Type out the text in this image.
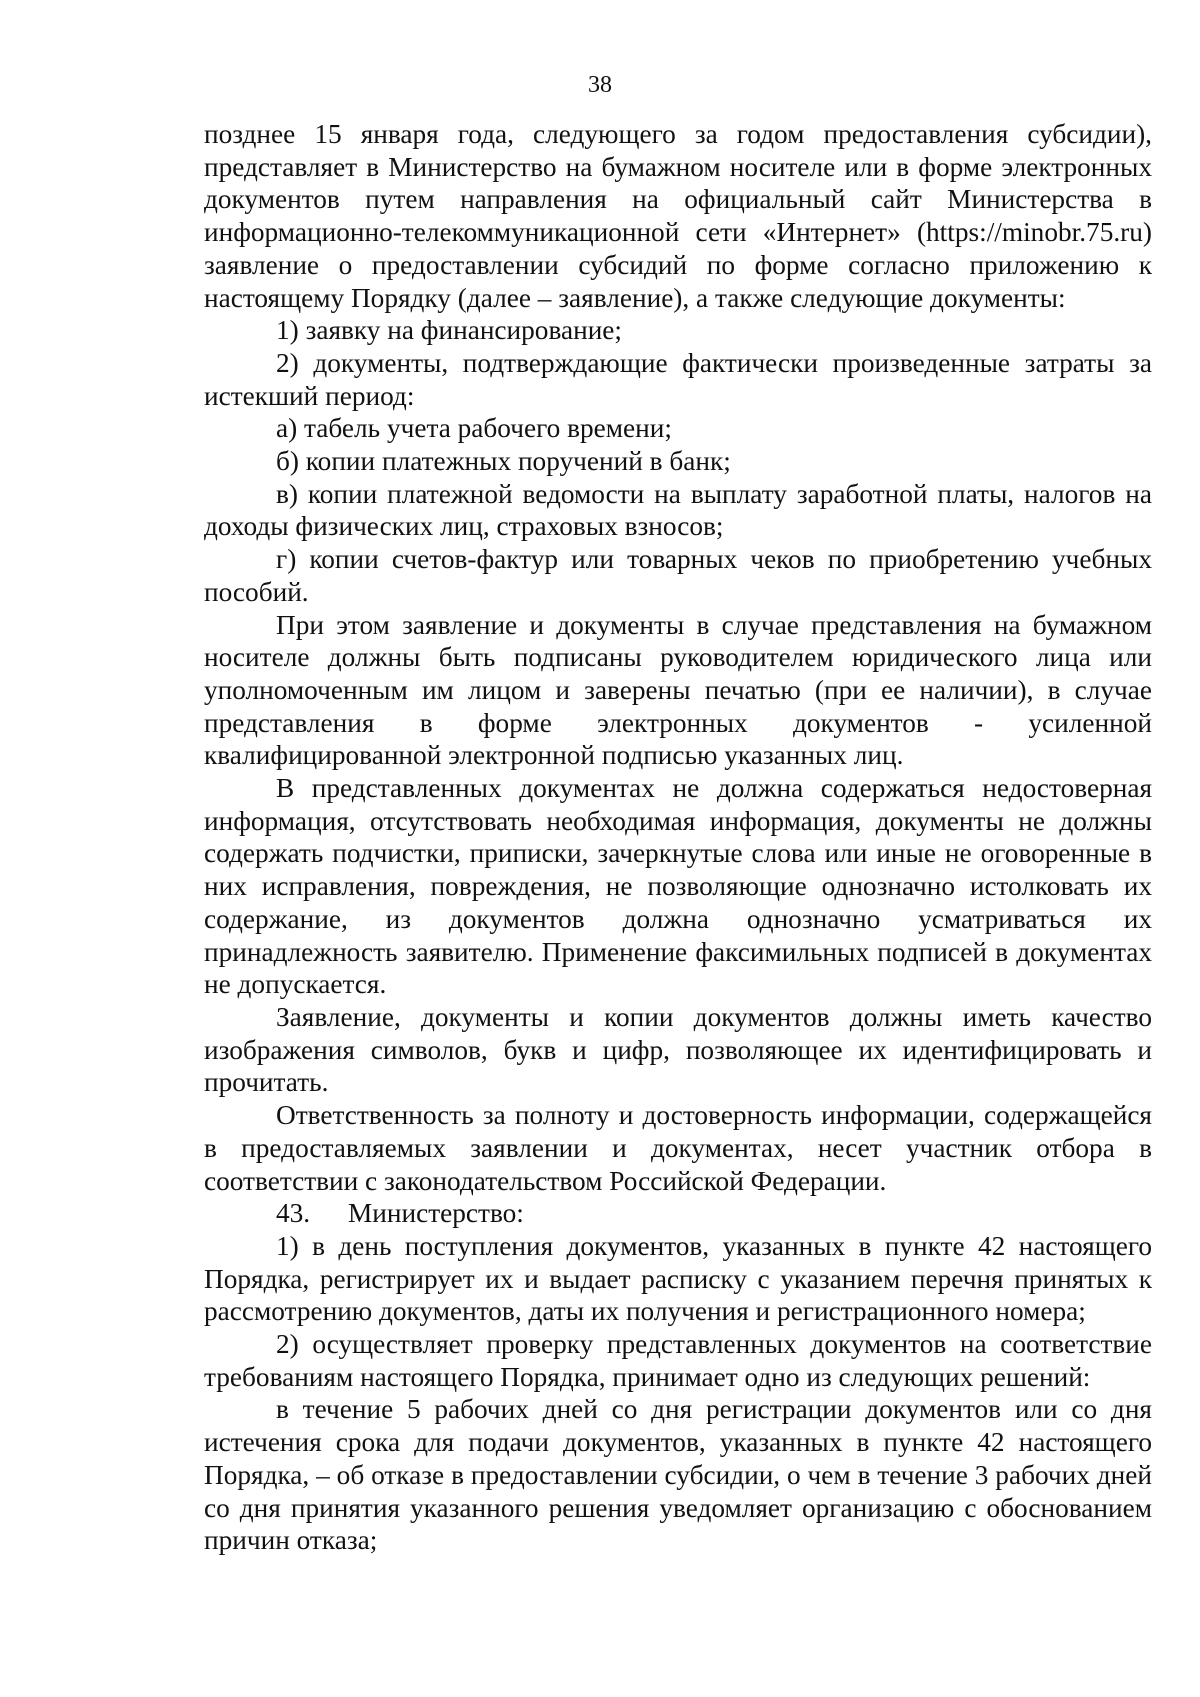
38

позднее 15 января года, следующего за годом предоставления субсидии), представляет в Министерство на бумажном носителе или в форме электронных документов путем направления на официальный сайт Министерства в информационно-телекоммуникационной сети «Интернет» (https://minobr.75.ru) заявление о предоставлении субсидий по форме согласно приложению к настоящему Порядку (далее – заявление), а также следующие документы:

1) заявку на финансирование;

2) документы, подтверждающие фактически произведенные затраты за истекший период:

а) табель учета рабочего времени;

б) копии платежных поручений в банк;

в) копии платежной ведомости на выплату заработной платы, налогов на доходы физических лиц, страховых взносов;

г) копии счетов-фактур или товарных чеков по приобретению учебных пособий.

При этом заявление и документы в случае представления на бумажном носителе должны быть подписаны руководителем юридического лица или уполномоченным им лицом и заверены печатью (при ее наличии), в случае представления в форме электронных документов - усиленной квалифицированной электронной подписью указанных лиц.

В представленных документах не должна содержаться недостоверная информация, отсутствовать необходимая информация, документы не должны содержать подчистки, приписки, зачеркнутые слова или иные не оговоренные в них исправления, повреждения, не позволяющие однозначно истолковать их содержание, из документов должна однозначно усматриваться их принадлежность заявителю. Применение факсимильных подписей в документах не допускается.

Заявление, документы и копии документов должны иметь качество изображения символов, букв и цифр, позволяющее их идентифицировать и прочитать.

Ответственность за полноту и достоверность информации, содержащейся в предоставляемых заявлении и документах, несет участник отбора в соответствии с законодательством Российской Федерации.

43. Министерство:

1) в день поступления документов, указанных в пункте 42 настоящего Порядка, регистрирует их и выдает расписку с указанием перечня принятых к рассмотрению документов, даты их получения и регистрационного номера;

2) осуществляет проверку представленных документов на соответствие требованиям настоящего Порядка, принимает одно из следующих решений:

в течение 5 рабочих дней со дня регистрации документов или со дня истечения срока для подачи документов, указанных в пункте 42 настоящего Порядка, – об отказе в предоставлении субсидии, о чем в течение 3 рабочих дней со дня принятия указанного решения уведомляет организацию с обоснованием причин отказа;
